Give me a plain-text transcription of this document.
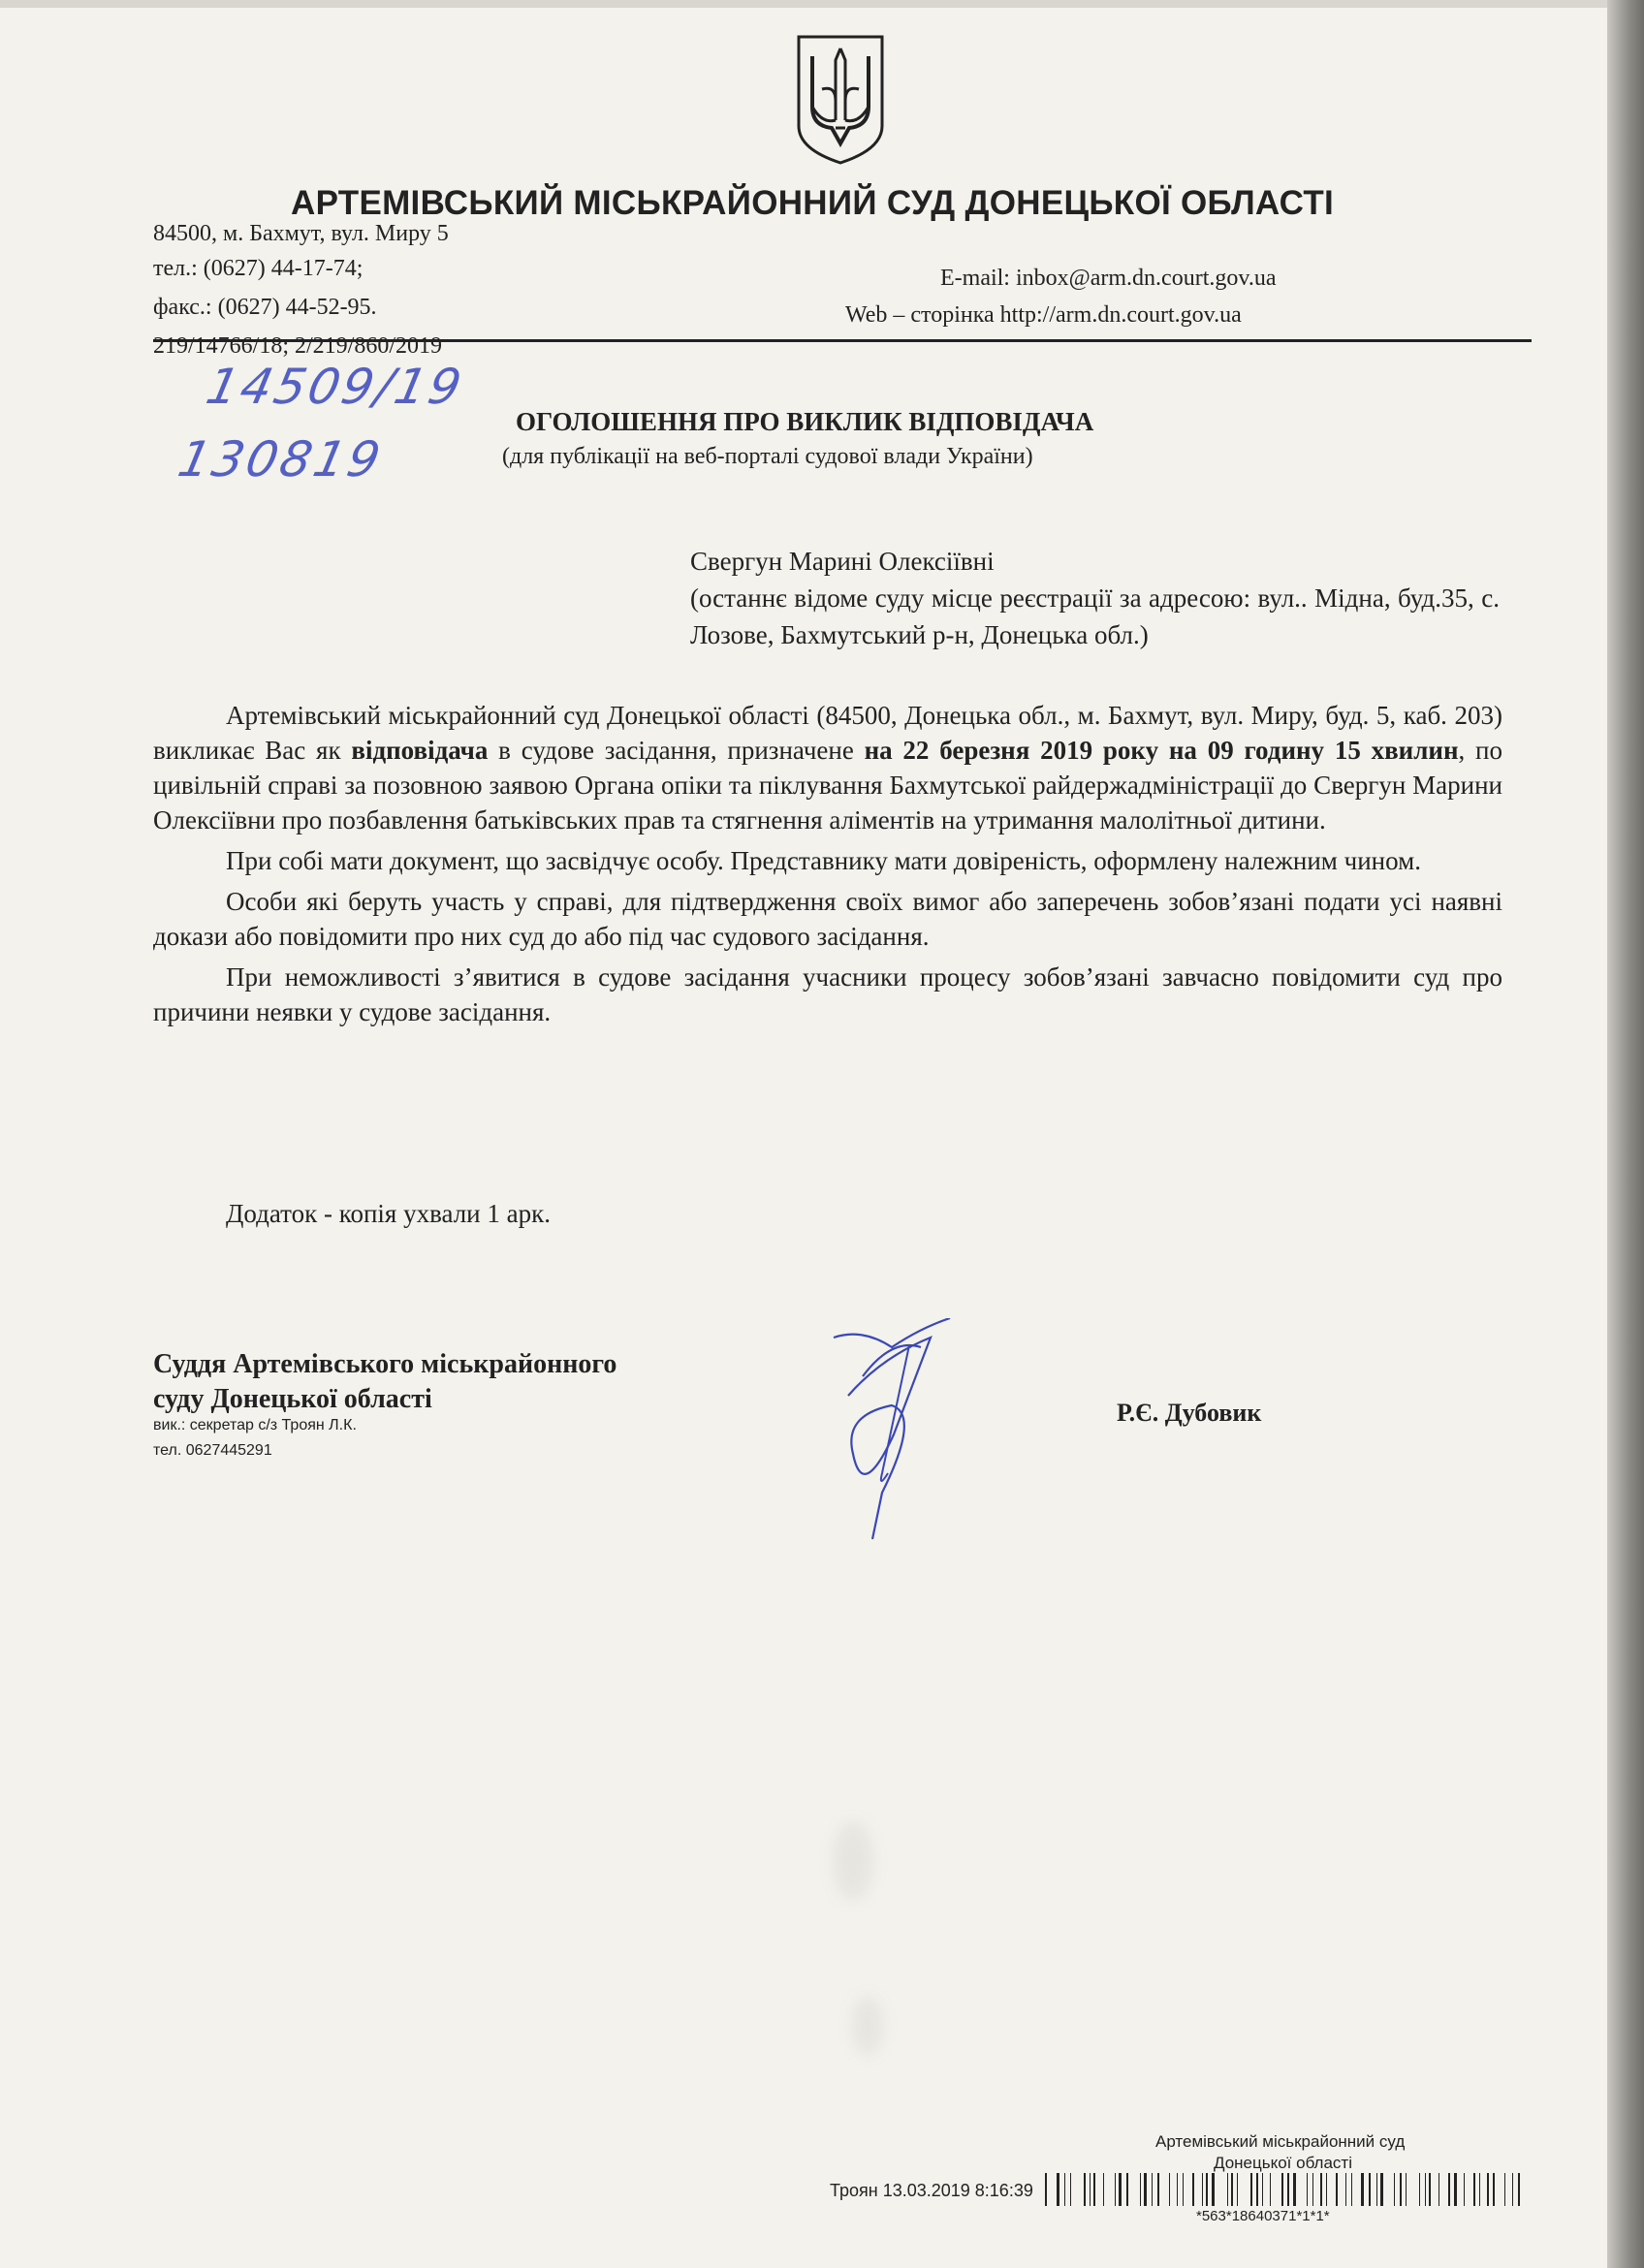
АРТЕМІВСЬКИЙ МІСЬКРАЙОННИЙ СУД ДОНЕЦЬКОЇ ОБЛАСТІ
84500, м. Бахмут, вул. Миру 5
тел.: (0627) 44-17-74;
факс.: (0627) 44-52-95.
E-mail: inbox@arm.dn.court.gov.ua
Web – сторінка http://arm.dn.court.gov.ua
219/14766/18; 2/219/860/2019
14509/19
130819
ОГОЛОШЕННЯ ПРО ВИКЛИК ВІДПОВІДАЧА
(для публікації на веб-порталі судової влади України)

Свергун Марині Олексіївні

(останнє відоме суду місце реєстрації за адресою: вул.. Мідна, буд.35, с. Лозове, Бахмутський р-н, Донецька обл.)

Артемівський міськрайонний суд Донецької області (84500, Донецька обл., м. Бахмут, вул. Миру, буд. 5, каб. 203) викликає Вас як відповідача в судове засідання, призначене на 22 березня 2019 року на 09 годину 15 хвилин, по цивільній справі за позовною заявою Органа опіки та піклування Бахмутської райдержадміністрації до Свергун Марини Олексіївни про позбавлення батьківських прав та стягнення аліментів на утримання малолітньої дитини.

При собі мати документ, що засвідчує особу. Представнику мати довіреність, оформлену належним чином.

Особи які беруть участь у справі, для підтвердження своїх вимог або заперечень зобов’язані подати усі наявні докази або повідомити про них суд до або під час судового засідання.

При неможливості з’явитися в судове засідання учасники процесу зобов’язані завчасно повідомити суд про причини неявки у судове засідання.

Додаток - копія ухвали 1 арк.
Суддя Артемівського міськрайонного
суду Донецької області
вик.: секретар с/з Троян Л.К.
тел. 0627445291
Р.Є. Дубовик
Артемівський міськрайонний суд
Донецької області
Троян 13.03.2019 8:16:39
*563*18640371*1*1*
